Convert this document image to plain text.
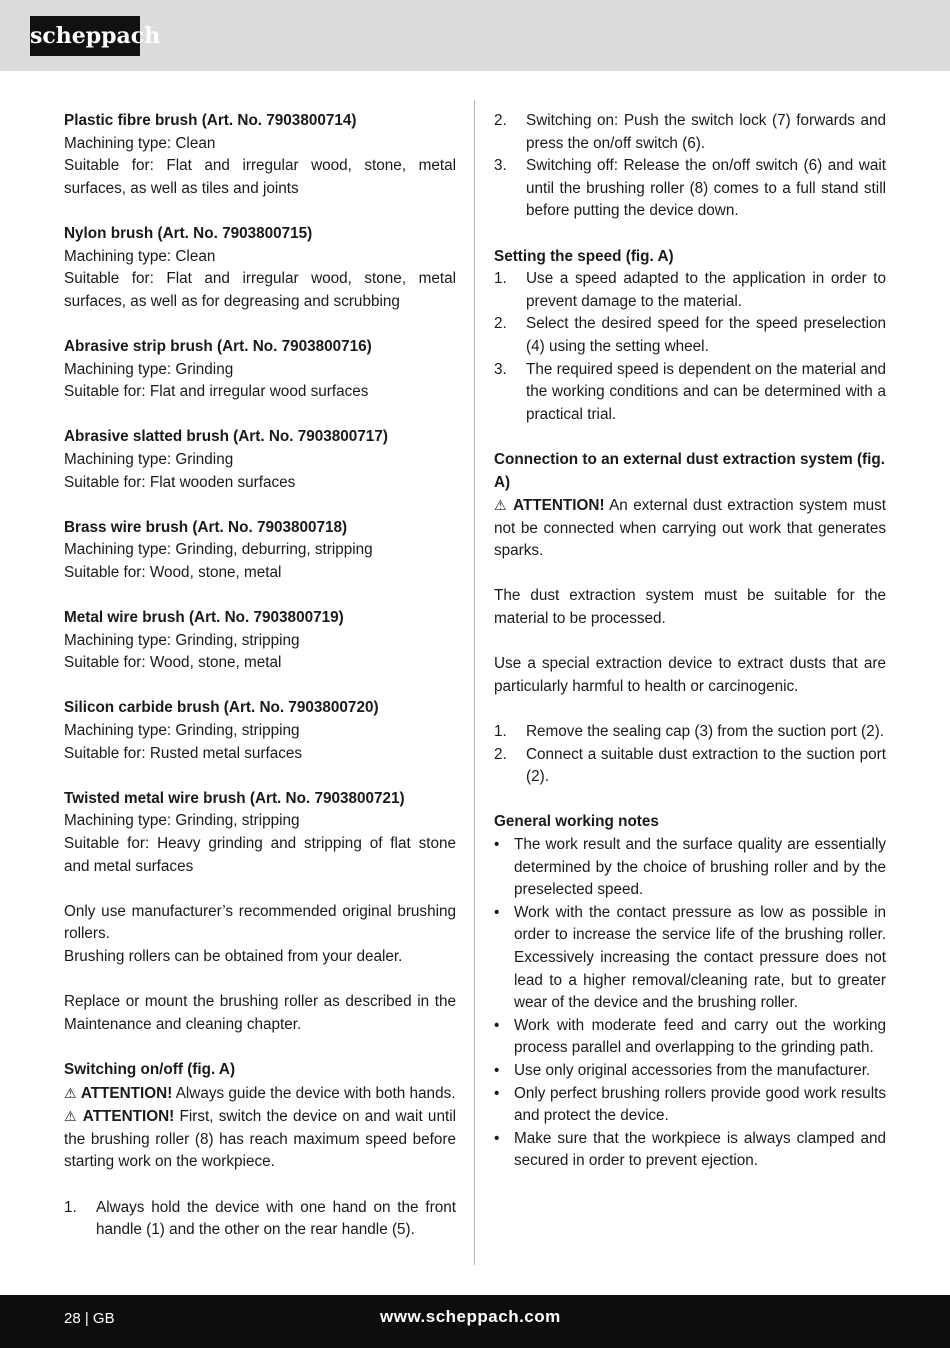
scheppach

Plastic fibre brush (Art. No. 7903800714)

Machining type: Clean

Suitable for: Flat and irregular wood, stone, metal surfaces, as well as tiles and joints

Nylon brush (Art. No. 7903800715)

Machining type: Clean

Suitable for: Flat and irregular wood, stone, metal surfaces, as well as for degreasing and scrubbing

Abrasive strip brush (Art. No. 7903800716)

Machining type: Grinding

Suitable for: Flat and irregular wood surfaces

Abrasive slatted brush (Art. No. 7903800717)

Machining type: Grinding

Suitable for: Flat wooden surfaces

Brass wire brush (Art. No. 7903800718)

Machining type: Grinding, deburring, stripping

Suitable for: Wood, stone, metal

Metal wire brush (Art. No. 7903800719)

Machining type: Grinding, stripping

Suitable for: Wood, stone, metal

Silicon carbide brush (Art. No. 7903800720)

Machining type: Grinding, stripping

Suitable for: Rusted metal surfaces

Twisted metal wire brush (Art. No. 7903800721)

Machining type: Grinding, stripping

Suitable for: Heavy grinding and stripping of flat stone and metal surfaces

Only use manufacturer’s recommended original brushing rollers.

Brushing rollers can be obtained from your dealer.

Replace or mount the brushing roller as described in the Maintenance and cleaning chapter.

Switching on/off (fig. A)

⚠ ATTENTION! Always guide the device with both hands.

⚠ ATTENTION! First, switch the device on and wait until the brushing roller (8) has reach maximum speed before starting work on the workpiece.

1. Always hold the device with one hand on the front handle (1) and the other on the rear handle (5).
2. Switching on: Push the switch lock (7) forwards and press the on/off switch (6).
3. Switching off: Release the on/off switch (6) and wait until the brushing roller (8) comes to a full stand still before putting the device down.

Setting the speed (fig. A)

1. Use a speed adapted to the application in order to prevent damage to the material.
2. Select the desired speed for the speed preselection (4) using the setting wheel.
3. The required speed is dependent on the material and the working conditions and can be determined with a practical trial.

Connection to an external dust extraction system (fig. A)

⚠ ATTENTION! An external dust extraction system must not be connected when carrying out work that generates sparks.

The dust extraction system must be suitable for the material to be processed.

Use a special extraction device to extract dusts that are particularly harmful to health or carcinogenic.

1. Remove the sealing cap (3) from the suction port (2).
2. Connect a suitable dust extraction to the suction port (2).

General working notes

• The work result and the surface quality are essentially determined by the choice of brushing roller and by the preselected speed.
• Work with the contact pressure as low as possible in order to increase the service life of the brushing roller. Excessively increasing the contact pressure does not lead to a higher removal/cleaning rate, but to greater wear of the device and the brushing roller.
• Work with moderate feed and carry out the working process parallel and overlapping to the grinding path.
• Use only original accessories from the manufacturer.
• Only perfect brushing rollers provide good work results and protect the device.
• Make sure that the workpiece is always clamped and secured in order to prevent ejection.
28 | GB	www.scheppach.com
